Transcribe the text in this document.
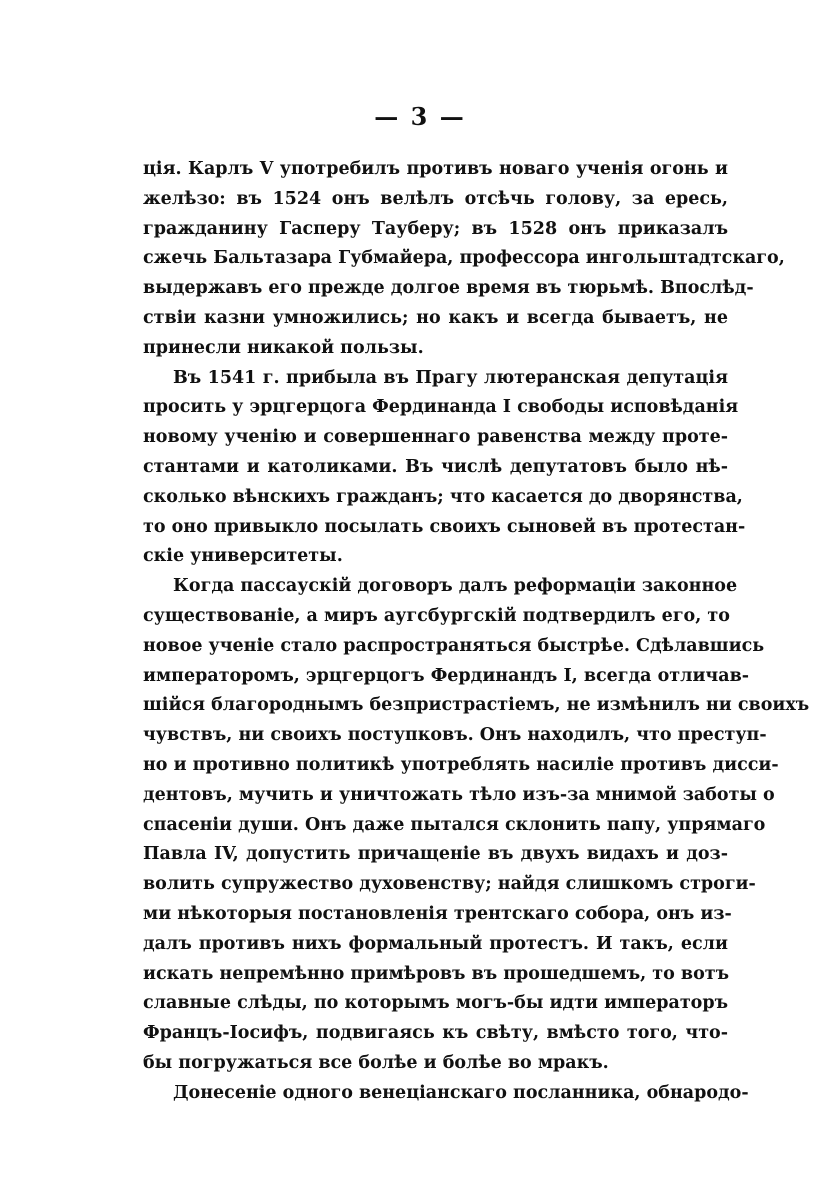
— 3 —
ція. Карлъ V употребилъ противъ новаго ученія огонь и
желѣзо: въ 1524 онъ велѣлъ отсѣчь голову, за ересь,
гражданину Гасперу Тауберу; въ 1528 онъ приказалъ
сжечь Бальтазара Губмайера, профессора ингольштадтскаго,
выдержавъ его прежде долгое время въ тюрьмѣ. Впослѣд-
ствіи казни умножились; но какъ и всегда бываетъ, не
принесли никакой пользы.
Въ 1541 г. прибыла въ Прагу лютеранская депутація
просить у эрцгерцога Фердинанда I свободы исповѣданія
новому ученію и совершеннаго равенства между проте-
стантами и католиками. Въ числѣ депутатовъ было нѣ-
сколько вѣнскихъ гражданъ; что касается до дворянства,
то оно привыкло посылать своихъ сыновей въ протестан-
скіе университеты.
Когда пассаускій договоръ далъ реформаціи законное
существованіе, а миръ аугсбургскій подтвердилъ его, то
новое ученіе стало распространяться быстрѣе. Сдѣлавшись
императоромъ, эрцгерцогъ Фердинандъ I, всегда отличав-
шійся благороднымъ безпристрастіемъ, не измѣнилъ ни своихъ
чувствъ, ни своихъ поступковъ. Онъ находилъ, что преступ-
но и противно политикѣ употреблять насиліе противъ дисси-
дентовъ, мучить и уничтожать тѣло изъ-за мнимой заботы о
спасеніи души. Онъ даже пытался склонить папу, упрямаго
Павла IV, допустить причащеніе въ двухъ видахъ и доз-
волить супружество духовенству; найдя слишкомъ строги-
ми нѣкоторыя постановленія трентскаго собора, онъ из-
далъ противъ нихъ формальный протестъ. И такъ, если
искать непремѣнно примѣровъ въ прошедшемъ, то вотъ
славные слѣды, по которымъ могъ-бы идти императоръ
Францъ-Іосифъ, подвигаясь къ свѣту, вмѣсто того, что-
бы погружаться все болѣе и болѣе во мракъ.
Донесеніе одного венеціанскаго посланника, обнародо-
